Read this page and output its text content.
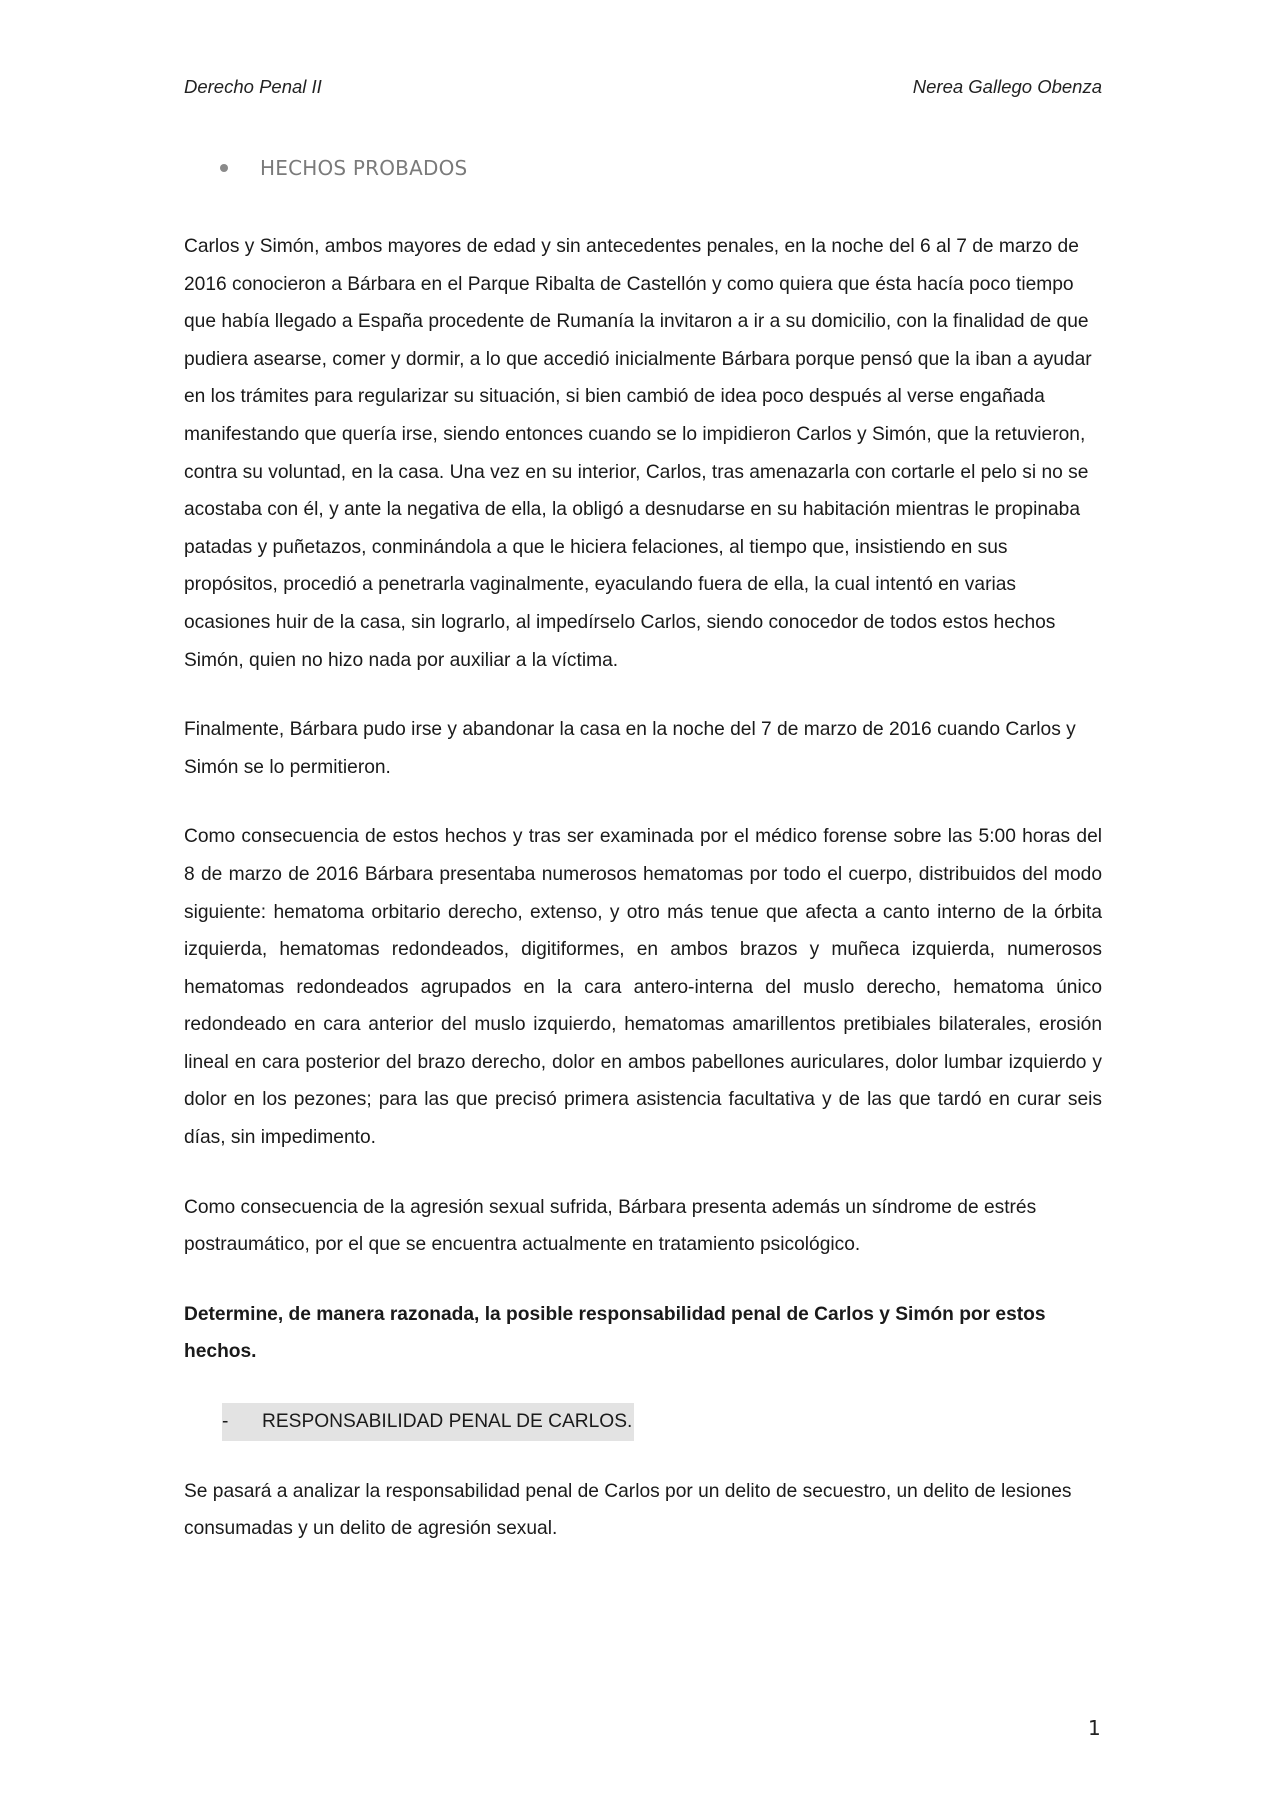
Derecho Penal II	Nerea Gallego Obenza
HECHOS PROBADOS

Carlos y Simón, ambos mayores de edad y sin antecedentes penales, en la noche del 6 al 7 de marzo de 2016 conocieron a Bárbara en el Parque Ribalta de Castellón y como quiera que ésta hacía poco tiempo que había llegado a España procedente de Rumanía la invitaron a ir a su domicilio, con la finalidad de que pudiera asearse, comer y dormir, a lo que accedió inicialmente Bárbara porque pensó que la iban a ayudar en los trámites para regularizar su situación, si bien cambió de idea poco después al verse engañada manifestando que quería irse, siendo entonces cuando se lo impidieron Carlos y Simón, que la retuvieron, contra su voluntad, en la casa. Una vez en su interior, Carlos, tras amenazarla con cortarle el pelo si no se acostaba con él, y ante la negativa de ella, la obligó a desnudarse en su habitación mientras le propinaba patadas y puñetazos, conminándola a que le hiciera felaciones, al tiempo que, insistiendo en sus propósitos, procedió a penetrarla vaginalmente, eyaculando fuera de ella, la cual intentó en varias ocasiones huir de la casa, sin lograrlo, al impedírselo Carlos, siendo conocedor de todos estos hechos Simón, quien no hizo nada por auxiliar a la víctima.

Finalmente, Bárbara pudo irse y abandonar la casa en la noche del 7 de marzo de 2016 cuando Carlos y Simón se lo permitieron.

Como consecuencia de estos hechos y tras ser examinada por el médico forense sobre las 5:00 horas del 8 de marzo de 2016 Bárbara presentaba numerosos hematomas por todo el cuerpo, distribuidos del modo siguiente: hematoma orbitario derecho, extenso, y otro más tenue que afecta a canto interno de la órbita izquierda, hematomas redondeados, digitiformes, en ambos brazos y muñeca izquierda, numerosos hematomas redondeados agrupados en la cara antero-interna del muslo derecho, hematoma único redondeado en cara anterior del muslo izquierdo, hematomas amarillentos pretibiales bilaterales, erosión lineal en cara posterior del brazo derecho, dolor en ambos pabellones auriculares, dolor lumbar izquierdo y dolor en los pezones; para las que precisó primera asistencia facultativa y de las que tardó en curar seis días, sin impedimento.

Como consecuencia de la agresión sexual sufrida, Bárbara presenta además un síndrome de estrés postraumático, por el que se encuentra actualmente en tratamiento psicológico.

Determine, de manera razonada, la posible responsabilidad penal de Carlos y Simón por estos hechos.

-	RESPONSABILIDAD PENAL DE CARLOS.

Se pasará a analizar la responsabilidad penal de Carlos por un delito de secuestro, un delito de lesiones consumadas y un delito de agresión sexual.

1
